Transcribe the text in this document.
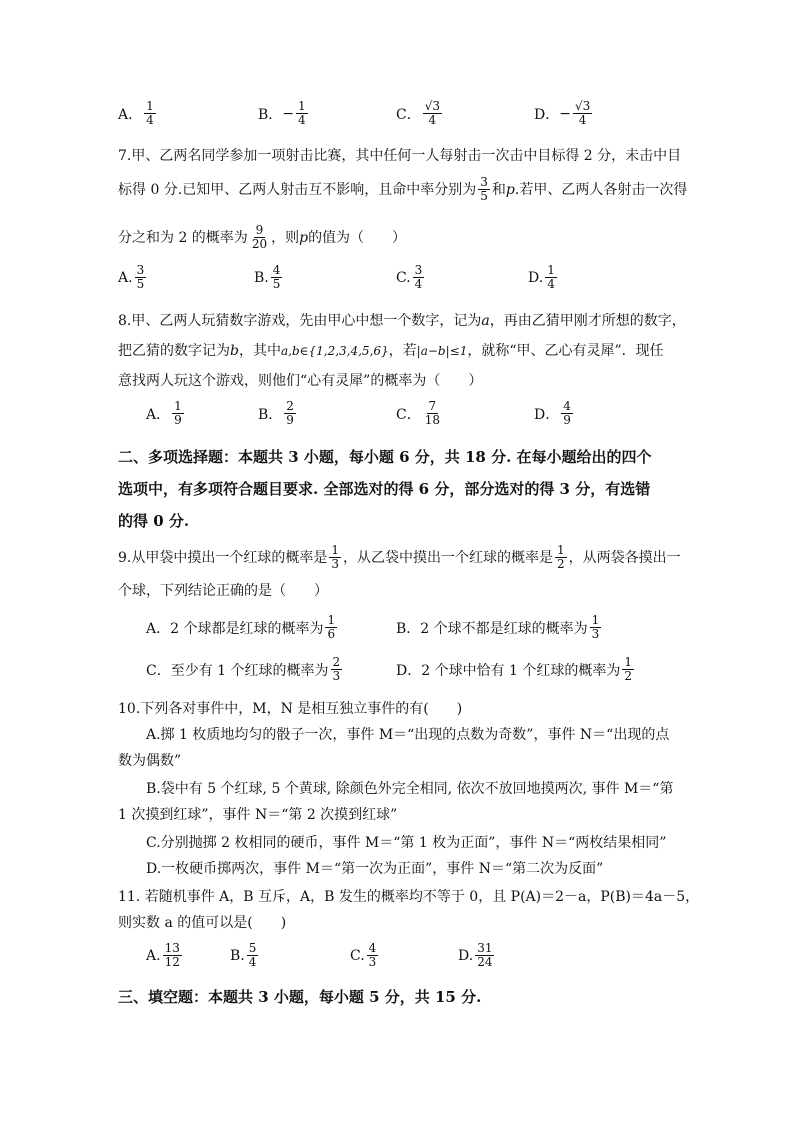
A． $\frac{1}{4}$	B． − $\frac{1}{4}$	C． $\frac{√3}{4}$	D． − $\frac{√3}{4}$
7.甲、乙两名同学参加一项射击比赛，其中任何一人每射击一次击中目标得 2 分，未击中目
标得 0 分.已知甲、乙两人射击互不影响，且命中率分别为 $\frac{3}{5}$ 和 p .若甲、乙两人各射击一次得
分之和为 2 的概率为 $\frac{9}{20}$ ，则 p 的值为（　　）
A. $\frac{3}{5}$	B. $\frac{4}{5}$	C. $\frac{3}{4}$	D. $\frac{1}{4}$
8.甲、乙两人玩猜数字游戏，先由甲心中想一个数字，记为a，再由乙猜甲刚才所想的数字，
把乙猜的数字记为b，其中a,b∈{1,2,3,4,5,6}，若|a−b|≤1，就称“甲、乙心有灵犀”．现任
意找两人玩这个游戏，则他们“心有灵犀”的概率为（　　）
A． $\frac{1}{9}$	B． $\frac{2}{9}$	C． $\frac{7}{18}$	D． $\frac{4}{9}$
二、多项选择题：本题共 3 小题，每小题 6 分，共 18 分. 在每小题给出的四个
选项中，有多项符合题目要求. 全部选对的得 6 分，部分选对的得 3 分，有选错
的得 0 分.
9.从甲袋中摸出一个红球的概率是 $\frac{1}{3}$ ，从乙袋中摸出一个红球的概率是 $\frac{1}{2}$ ，从两袋各摸出一
个球，下列结论正确的是（　　）
A．2 个球都是红球的概率为 $\frac{1}{6}$	B．2 个球不都是红球的概率为 $\frac{1}{3}$
C．至少有 1 个红球的概率为 $\frac{2}{3}$	D．2 个球中恰有 1 个红球的概率为 $\frac{1}{2}$
10.下列各对事件中，M，N 是相互独立事件的有(　　)
A.掷 1 枚质地均匀的骰子一次，事件 M＝“出现的点数为奇数”，事件 N＝“出现的点
数为偶数”
B.袋中有 5 个红球, 5 个黄球, 除颜色外完全相同, 依次不放回地摸两次, 事件 M＝“第
1 次摸到红球”，事件 N＝“第 2 次摸到红球”
C.分别抛掷 2 枚相同的硬币，事件 M＝“第 1 枚为正面”，事件 N＝“两枚结果相同”
D.一枚硬币掷两次，事件 M＝“第一次为正面”，事件 N＝“第二次为反面”
11. 若随机事件 A，B 互斥，A，B 发生的概率均不等于 0，且 P(A)＝2－a，P(B)＝4a－5，
则实数 a 的值可以是(　　)
A. $\frac{13}{12}$	B. $\frac{5}{4}$	C. $\frac{4}{3}$	D. $\frac{31}{24}$
三、填空题：本题共 3 小题，每小题 5 分，共 15 分.
